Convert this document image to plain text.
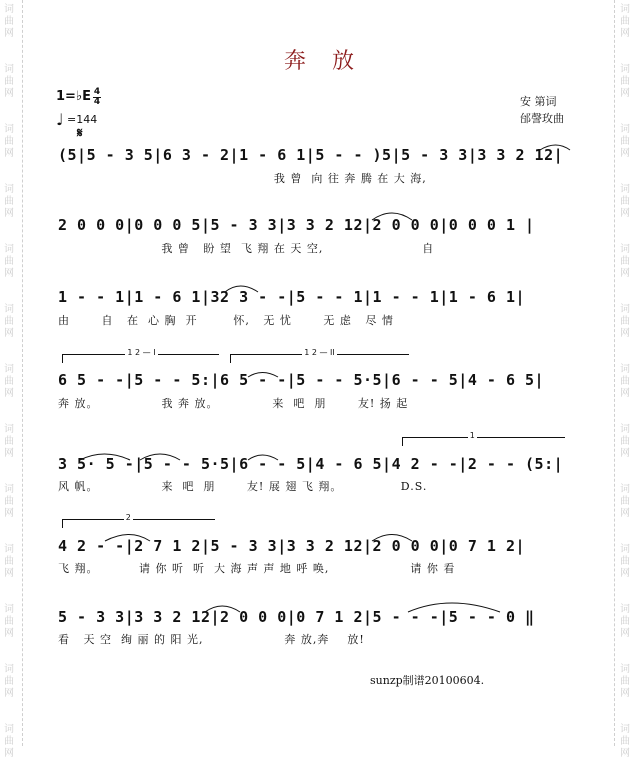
词
曲
网
词
曲
网
词
曲
网
词
曲
网
词
曲
网
词
曲
网
词
曲
网
词
曲
网
词
曲
网
词
曲
网
词
曲
网
词
曲
网
词
曲
网
词
曲
网
词
曲
网
词
曲
网
词
曲
网
词
曲
网
词
曲
网
词
曲
网
词
曲
网
词
曲
网
词
曲
网
词
曲
网
词
曲
网
词
曲
网
奔放
安 第词
邰謦玫曲
1=♭E 4
4
♩ =144
𝄋
(5|5 - 3 5|6 3 - 2|1 - 6 1|5 - - )5|5 - 3 3|3 3 2 12|
我 曾  向 往 奔 腾 在 大 海,
2 0 0 0|0 0 0 5|5 - 3 3|3 3 2 12|2 0 0 0|0 0 0 1 |
我 曾   盼 望  飞 翔 在 天 空,                      自
1 - - 1|1 - 6 1|32 3 - -|5 - - 1|1 - - 1|1 - 6 1|
由       自   在  心 胸  开        怀,   无 忧       无 虑   尽 情
1 2 — I	1 2 — II
6 5 - -|5 - - 5:|6 5 - -|5 - - 5·5|6 - - 5|4 - 6 5|
奔 放。              我 奔 放。            来  吧  朋       友! 扬 起
1
3 5· 5 -|5 - - 5·5|6 - - 5|4 - 6 5|4 2 - -|2 - - (5:|
风 帆。              来  吧  朋       友! 展 翅 飞 翔。             D.S.
2
4 2 - -|2 7 1 2|5 - 3 3|3 3 2 12|2 0 0 0|0 7 1 2|
飞 翔。         请 你 听  听  大 海 声 声 地 呼 唤,                  请 你 看
5 - 3 3|3 3 2 12|2 0 0 0|0 7 1 2|5 - - -|5 - - 0 ‖
看   天 空  绚 丽 的 阳 光,                  奔 放,奔    放!
sunzp制谱20100604.
